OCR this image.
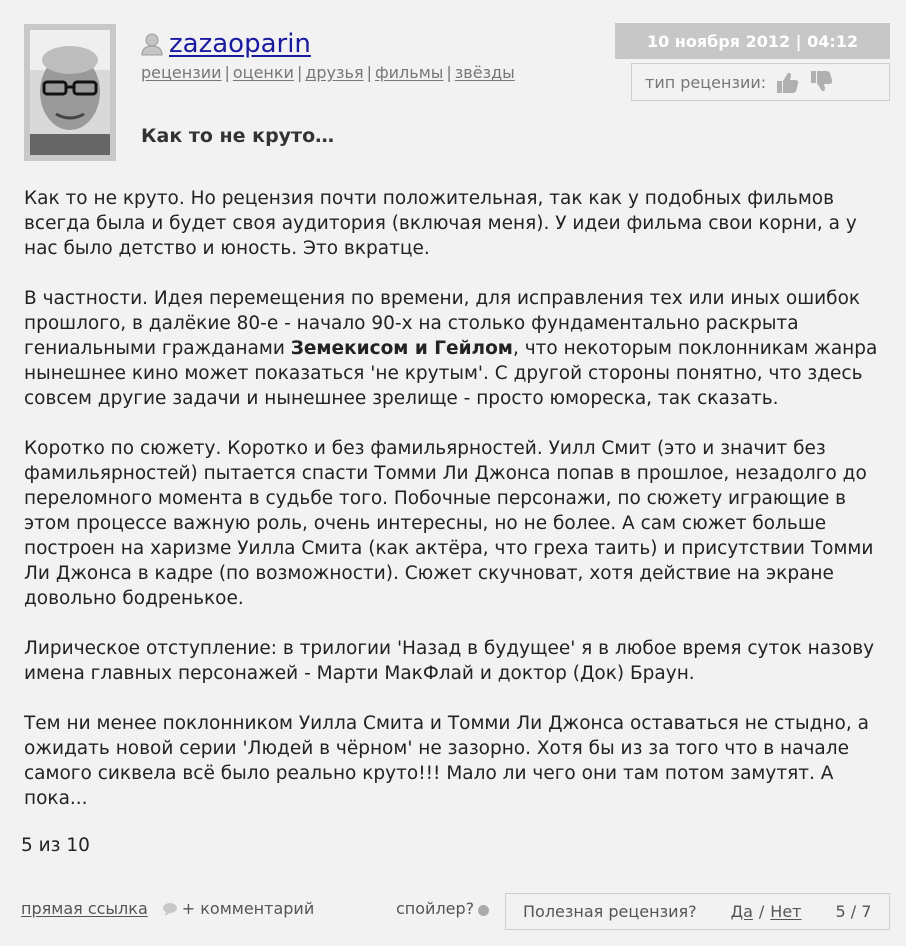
zazaoparin
рецензии | оценки | друзья | фильмы | звёзды
10 ноября 2012 | 04:12
тип рецензии:
Как то не круто…

Как то не круто. Но рецензия почти положительная, так как у подобных фильмов всегда была и будет своя аудитория (включая меня). У идеи фильма свои корни, а у нас было детство и юность. Это вкратце.

В частности. Идея перемещения по времени, для исправления тех или иных ошибок прошлого, в далёкие 80-е - начало 90-х на столько фундаментально раскрыта гениальными гражданами Земекисом и Гейлом, что некоторым поклонникам жанра нынешнее кино может показаться 'не крутым'. С другой стороны понятно, что здесь совсем другие задачи и нынешнее зрелище - просто юмореска, так сказать.

Коротко по сюжету. Коротко и без фамильярностей. Уилл Смит (это и значит без фамильярностей) пытается спасти Томми Ли Джонса попав в прошлое, незадолго до переломного момента в судьбе того. Побочные персонажи, по сюжету играющие в этом процессе важную роль, очень интересны, но не более. А сам сюжет больше построен на харизме Уилла Смита (как актёра, что греха таить) и присутствии Томми Ли Джонса в кадре (по возможности). Сюжет скучноват, хотя действие на экране довольно бодренькое.

Лирическое отступление: в трилогии 'Назад в будущее' я в любое время суток назову имена главных персонажей - Марти МакФлай и доктор (Док) Браун.

Тем ни менее поклонником Уилла Смита и Томми Ли Джонса оставаться не стыдно, а ожидать новой серии 'Людей в чёрном' не зазорно. Хотя бы из за того что в начале самого сиквела всё было реально круто!!! Мало ли чего они там потом замутят. А пока...

5 из 10
прямая ссылка + комментарий	спойлер?	Полезная рецензия? Да / Нет 5 / 7
